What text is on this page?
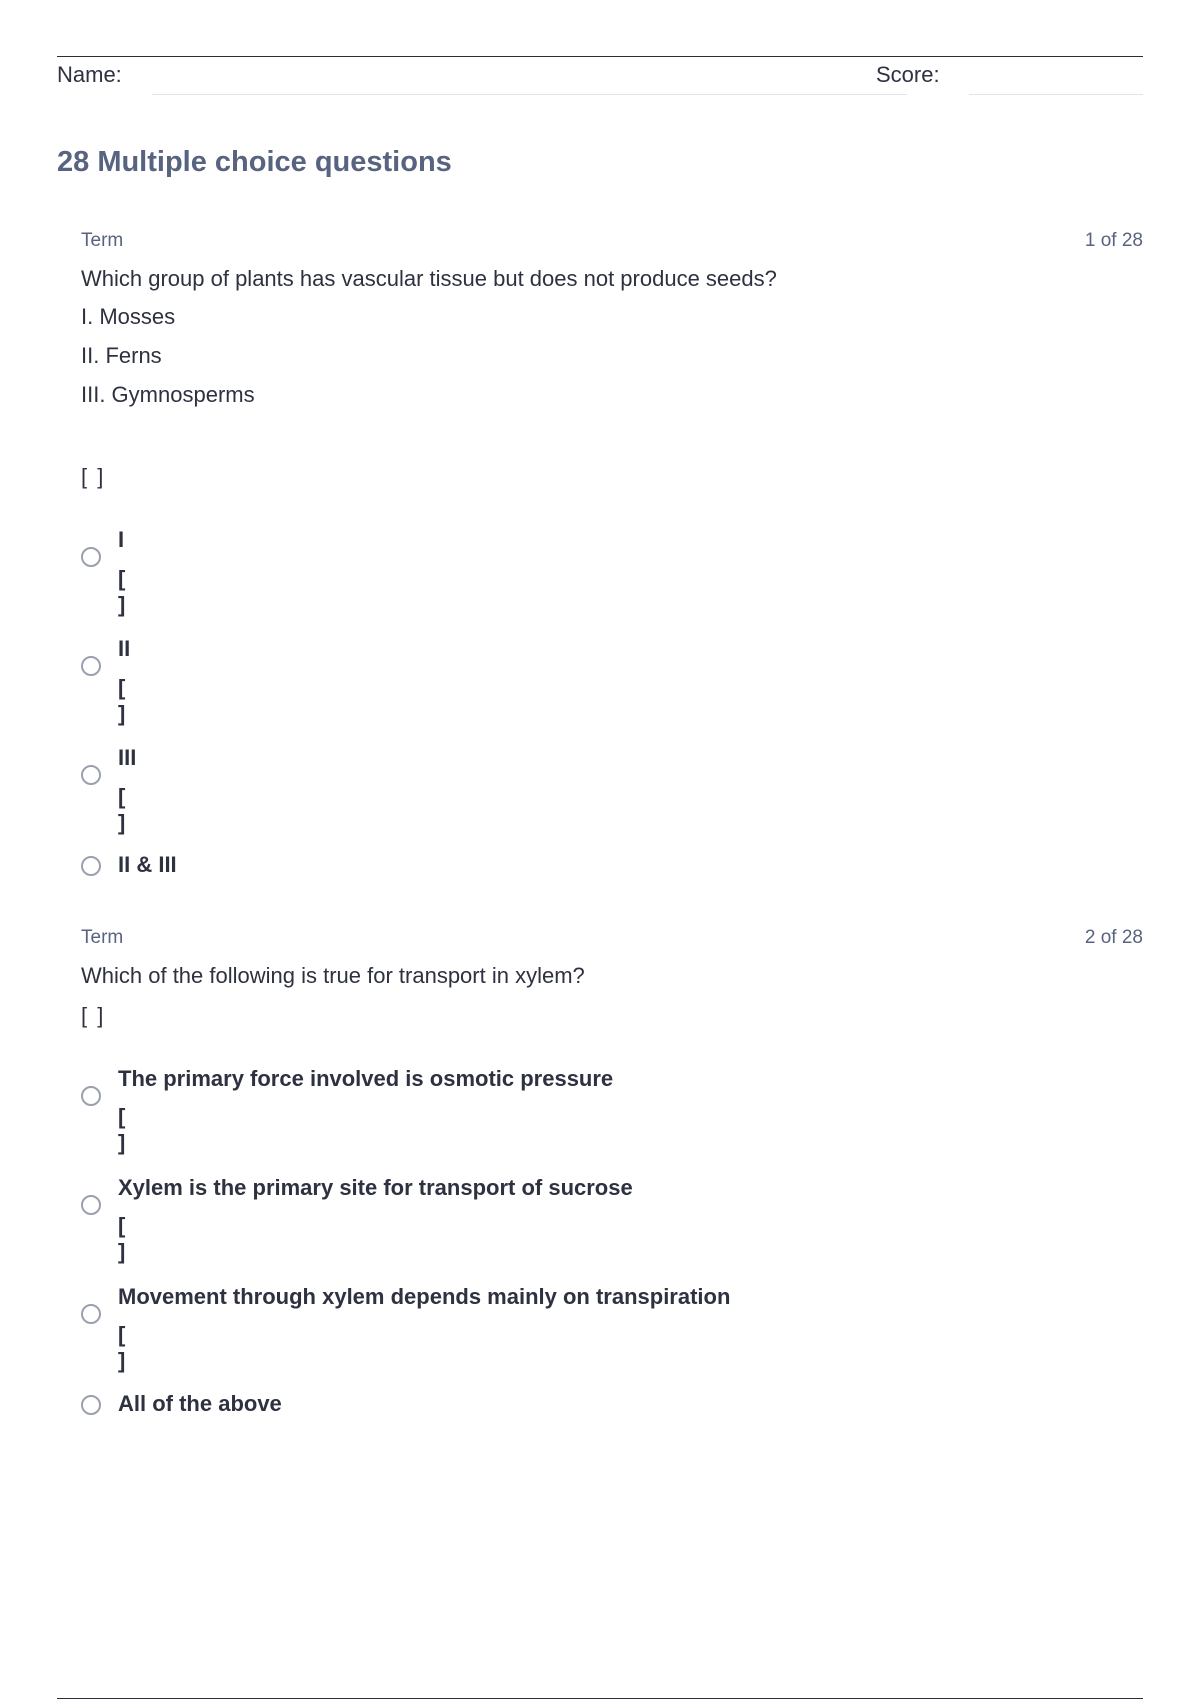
Name:	Score:
28 Multiple choice questions
Term	1 of 28
Which group of plants has vascular tissue but does not produce seeds?
I. Mosses
II. Ferns
III. Gymnosperms
[ ]
I
[ ]
II
[ ]
III
[ ]
II & III
Term	2 of 28
Which of the following is true for transport in xylem?
[ ]
The primary force involved is osmotic pressure
[ ]
Xylem is the primary site for transport of sucrose
[ ]
Movement through xylem depends mainly on transpiration
[ ]
All of the above
